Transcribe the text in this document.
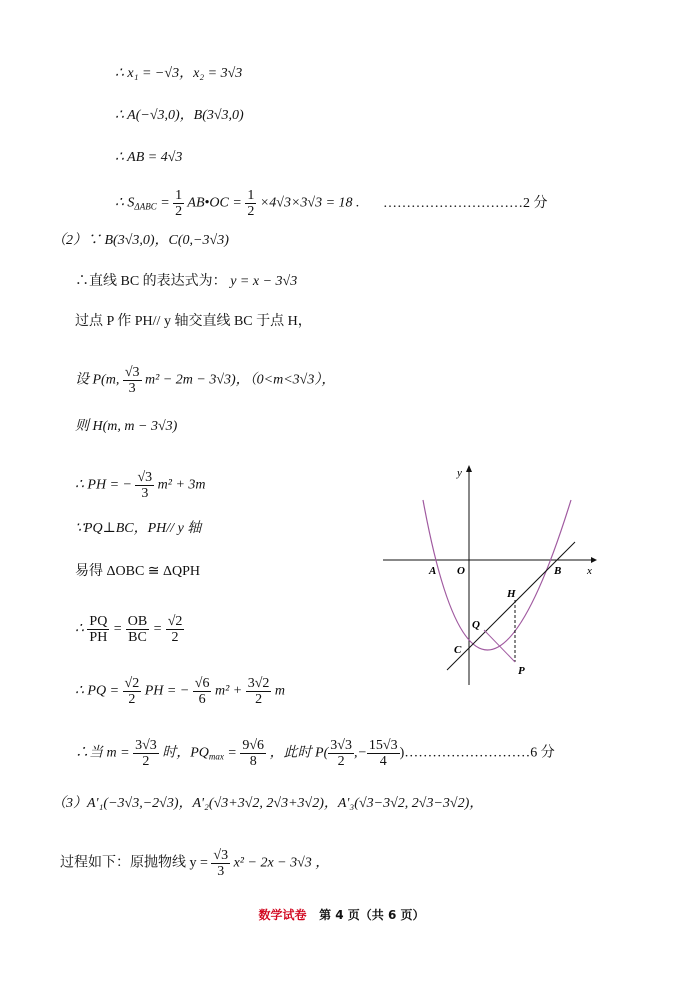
∴ x₁ = −√3，x₂ = 3√3
∴ A(−√3,0)，B(3√3,0)
∴ AB = 4√3
∴ $S_{\Delta ABC} = \frac{1}{2}$ AB•OC = $\frac{1}{2} \times 4√3\times 3√3 = 18$ . …………………………2 分
（2）∵ B(3√3,0)，C(0,−3√3)
∴直线 BC 的表达式为： y = x − 3√3
过点 P 作 PH// y 轴交直线 BC 于点 H，
设 P(m, $\frac{√3}{3} m^2 - 2m - 3√3$)，（0<m<3√3），
则 H(m, m − 3√3)
∴ PH = − $\frac{√3}{3} m^2 + 3m$
∵PQ⊥BC，PH// y 轴
易得 ΔOBC ≅ ΔQPH
∴ $\frac{PQ}{PH} = \frac{OB}{BC} = \frac{√2}{2}$
∴ PQ = $\frac{√2}{2}$ PH = − $\frac{√6}{6} m^2 + \frac{3√2}{2}$ m
∴当 $m = \frac{3√3}{2}$ 时，$PQ_{max} = \frac{9√6}{8}$ ，此时 $P( \frac{3√3}{2}$ ,− $\frac{15√3}{4}$ )………………………6 分
（3）A'₁(−3√3,−2√3)，A'₂(√3+3√2, 2√3+3√2)，A'₃(√3−3√2, 2√3−3√2)，
过程如下：原抛物线 $y = \frac{√3}{3} x^2 - 2x - 3√3$ ，
y
x
A O	B
H
Q
C
P
数学试卷 第 4 页（共 6 页）
